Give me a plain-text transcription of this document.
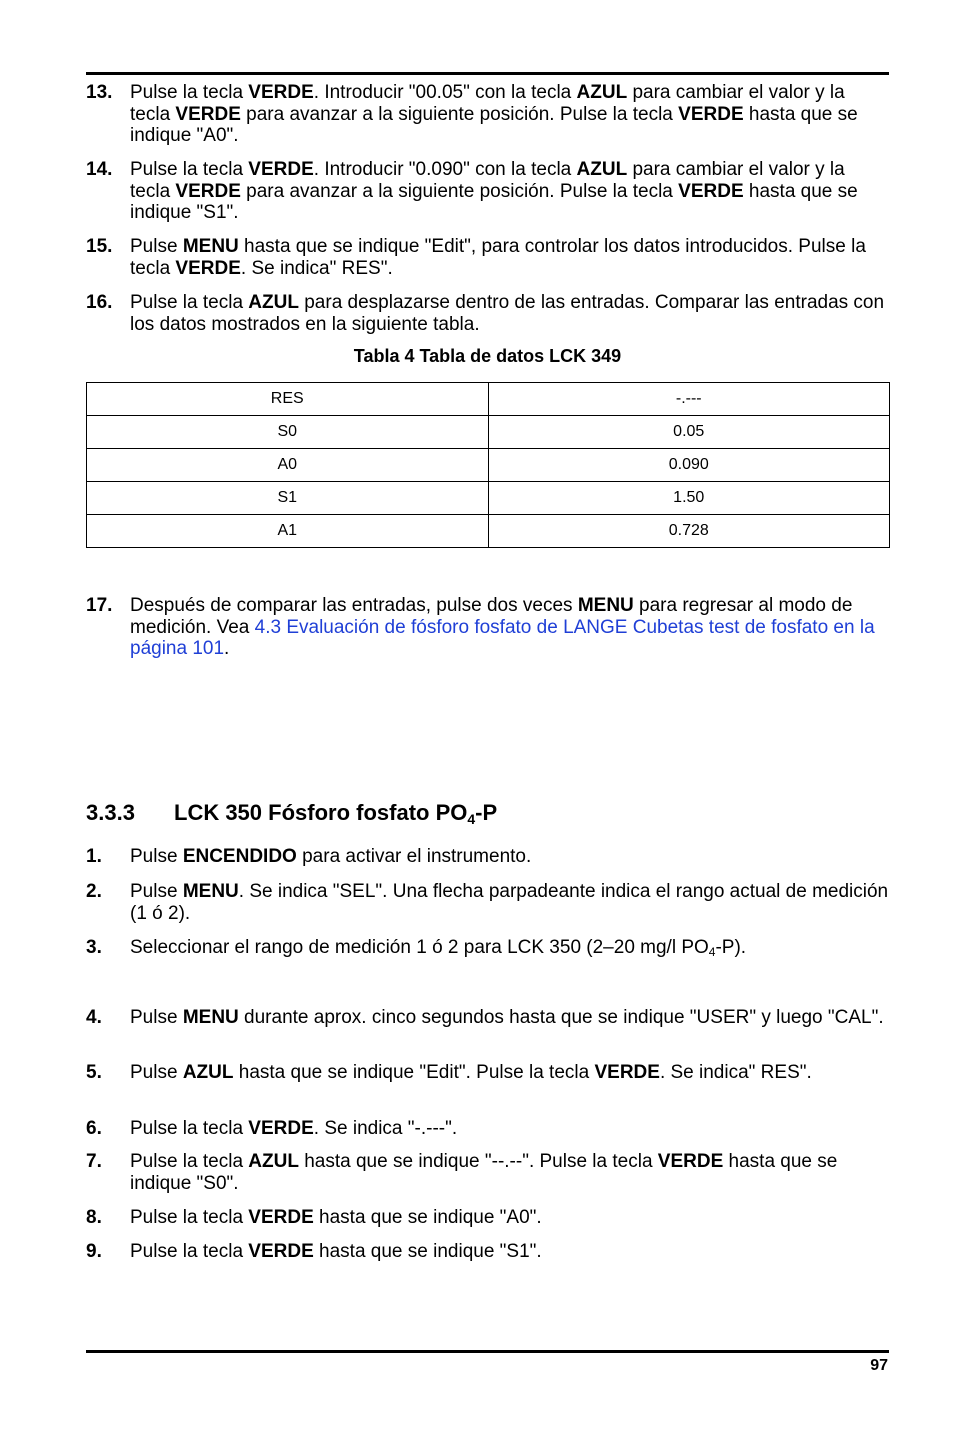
13. Pulse la tecla VERDE. Introducir "00.05" con la tecla AZUL para cambiar el valor y la tecla VERDE para avanzar a la siguiente posición. Pulse la tecla VERDE hasta que se indique "A0".
14. Pulse la tecla VERDE. Introducir "0.090" con la tecla AZUL para cambiar el valor y la tecla VERDE para avanzar a la siguiente posición. Pulse la tecla VERDE hasta que se indique "S1".
15. Pulse MENU hasta que se indique "Edit", para controlar los datos introducidos. Pulse la tecla VERDE. Se indica" RES".
16. Pulse la tecla AZUL para desplazarse dentro de las entradas. Comparar las entradas con los datos mostrados en la siguiente tabla.
Tabla 4 Tabla de datos LCK 349
RES	-.---
S0	0.05
A0	0.090
S1	1.50
A1	0.728
17. Después de comparar las entradas, pulse dos veces MENU para regresar al modo de medición. Vea 4.3 Evaluación de fósforo fosfato de LANGE Cubetas test de fosfato en la página 101.
3.3.3 LCK 350 Fósforo fosfato $PO_4-P$
1. Pulse ENCENDIDO para activar el instrumento.
2. Pulse MENU. Se indica "SEL". Una flecha parpadeante indica el rango actual de medición (1 ó 2).
3. Seleccionar el rango de medición 1 ó 2 para LCK 350 (2–20 mg/l $PO_4-P$).
4. Pulse MENU durante aprox. cinco segundos hasta que se indique "USER" y luego "CAL".
5. Pulse AZUL hasta que se indique "Edit". Pulse la tecla VERDE. Se indica" RES".
6. Pulse la tecla VERDE. Se indica "-.---".
7. Pulse la tecla AZUL hasta que se indique "--.--". Pulse la tecla VERDE hasta que se indique "S0".
8. Pulse la tecla VERDE hasta que se indique "A0".
9. Pulse la tecla VERDE hasta que se indique "S1".
97
